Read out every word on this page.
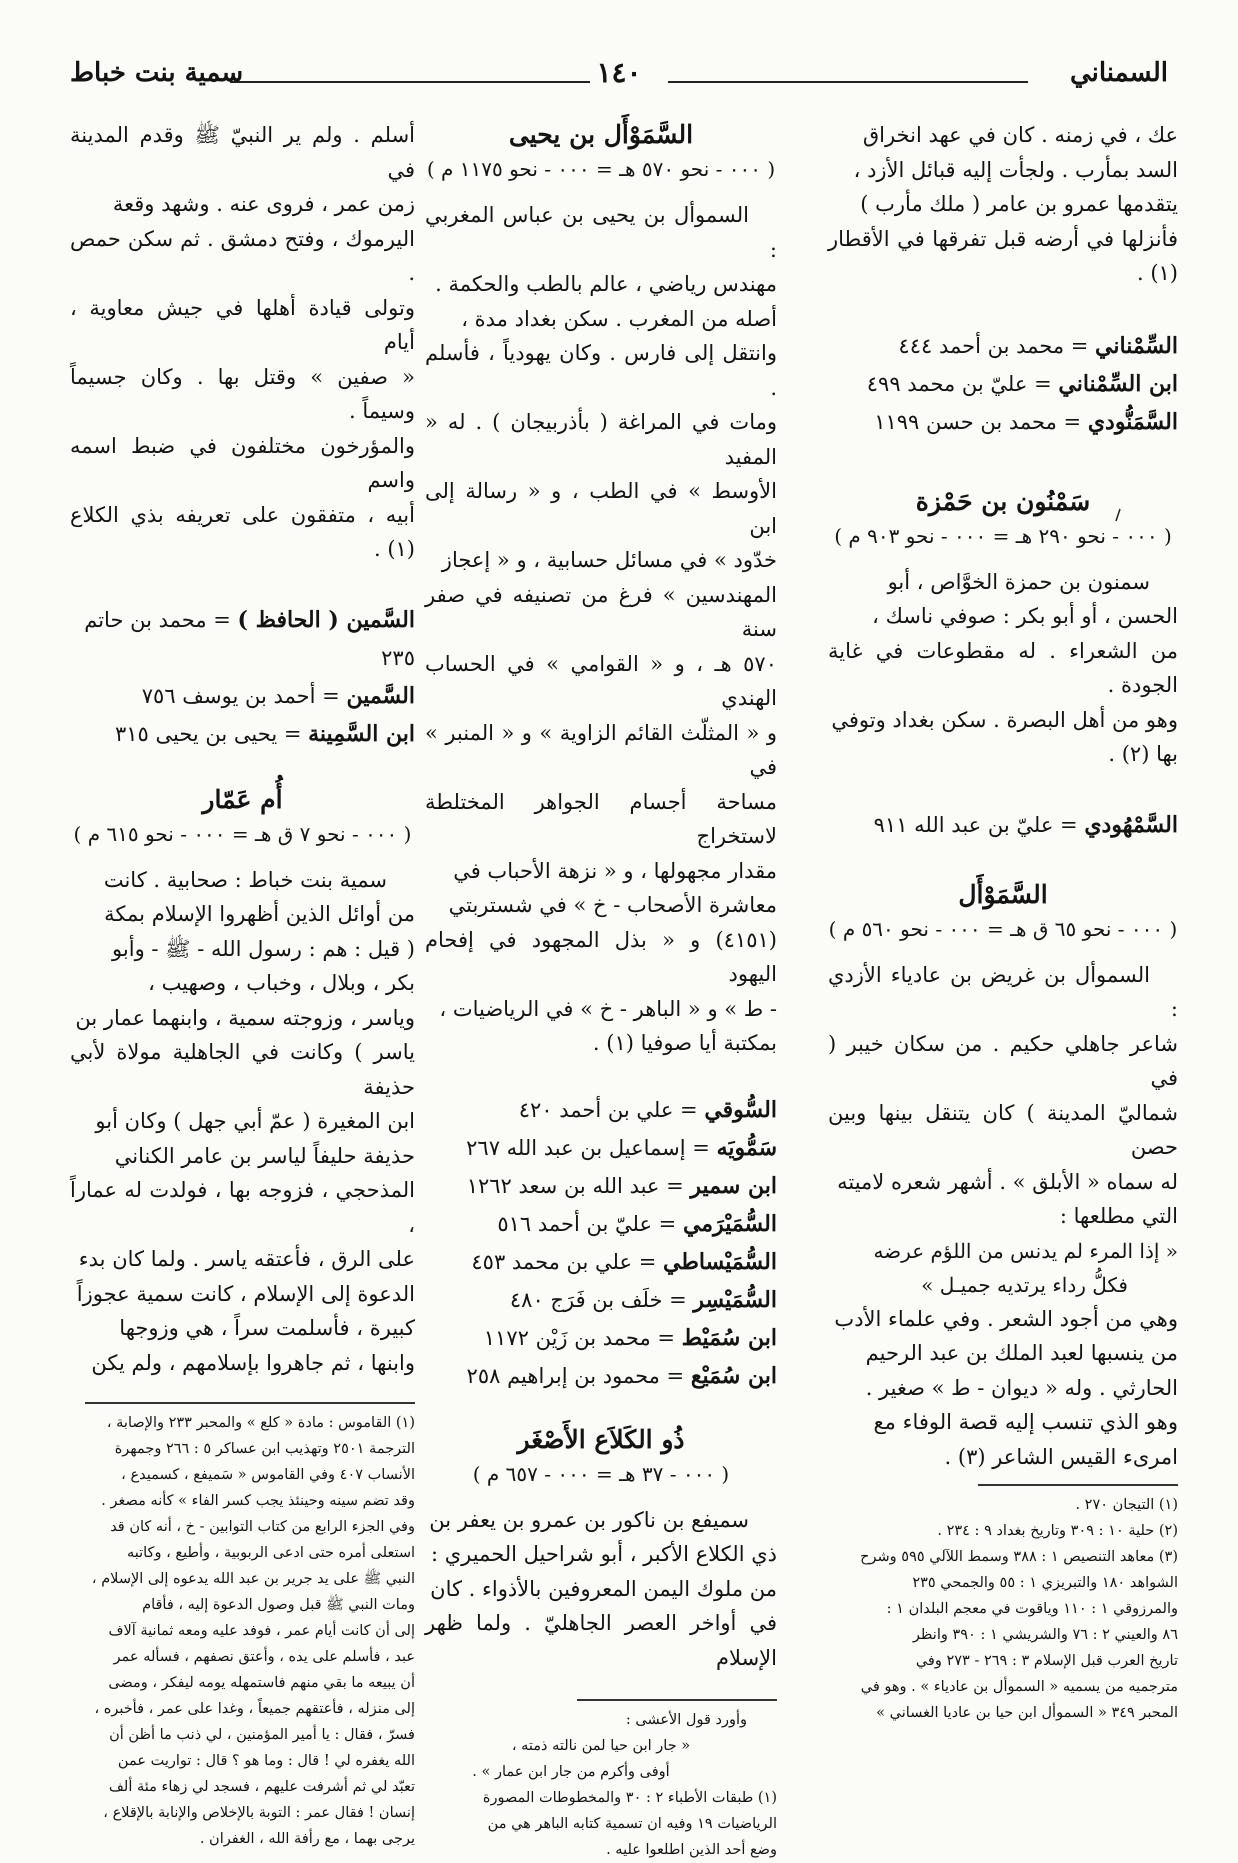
السمناني
١٤٠
سمية بنت خباط

عك ، في زمنه . كان في عهد انخراق

السد بمأرب . ولجأت إليه قبائل الأزد ،

يتقدمها عمرو بن عامر ( ملك مأرب )

فأنزلها في أرضه قبل تفرقها في الأقطار (١) .

السِّمْناني = محمد بن أحمد ٤٤٤

ابن السِّمْناني = عليّ بن محمد ٤٩٩

السَّمَنُّودي = محمد بن حسن ١١٩٩

سَمْنُون بن حَمْزة

( ٠٠٠ - نحو ٢٩٠ هـ = ٠٠٠ - نحو ٩٠٣ م )

سمنون بن حمزة الخوَّاص ، أبو

الحسن ، أو أبو بكر : صوفي ناسك ،

من الشعراء . له مقطوعات في غاية الجودة .

وهو من أهل البصرة . سكن بغداد وتوفي

بها (٢) .

السَّمْهُودي = عليّ بن عبد الله ٩١١

السَّمَوْأَل

( ٠٠٠ - نحو ٦٥ ق هـ = ٠٠٠ - نحو ٥٦٠ م )

السموأل بن غريض بن عادياء الأزدي :

شاعر جاهلي حكيم . من سكان خيبر ( في

شماليّ المدينة ) كان يتنقل بينها وبين حصن

له سماه « الأبلق » . أشهر شعره لاميته

التي مطلعها :

« إذا المرء لم يدنس من اللؤم عرضه

فكلُّ رداء يرتديه جميـل »

وهي من أجود الشعر . وفي علماء الأدب

من ينسبها لعبد الملك بن عبد الرحيم

الحارثي . وله « ديوان - ط » صغير .

وهو الذي تنسب إليه قصة الوفاء مع

امرىء القيس الشاعر (٣) .

(١) التيجان ٢٧٠ .

(٢) حلية ١٠ : ٣٠٩ وتاريخ بغداد ٩ : ٢٣٤ .

(٣) معاهد التنصيص ١ : ٣٨٨ وسمط اللآلي ٥٩٥ وشرح

الشواهد ١٨٠ والتبريزي ١ : ٥٥ والجمحي ٢٣٥

والمرزوقي ١ : ١١٠ وياقوت في معجم البلدان ١ :

٨٦ والعيني ٢ : ٧٦ والشريشي ١ : ٣٩٠ وانظر

تاريخ العرب قبل الإسلام ٣ : ٢٦٩ - ٢٧٣ وفي

مترجميه من يسميه « السموأل بن عادياء » . وهو في

المحبر ٣٤٩ « السموأل ابن حيا بن عاديا الغساني »

السَّمَوْأَل بن يحيى

( ٠٠٠ - نحو ٥٧٠ هـ = ٠٠٠ - نحو ١١٧٥ م )

السموأل بن يحيى بن عباس المغربي :

مهندس رياضي ، عالم بالطب والحكمة .

أصله من المغرب . سكن بغداد مدة ،

وانتقل إلى فارس . وكان يهودياً ، فأسلم .

ومات في المراغة ( بأذربيجان ) . له « المفيد

الأوسط » في الطب ، و « رسالة إلى ابن

خدّود » في مسائل حسابية ، و « إعجاز

المهندسين » فرغ من تصنيفه في صفر سنة

٥٧٠ هـ ، و « القوامي » في الحساب الهندي

و « المثلّث القائم الزاوية » و « المنبر » في

مساحة أجسام الجواهر المختلطة لاستخراج

مقدار مجهولها ، و « نزهة الأحباب في

معاشرة الأصحاب - خ » في شستربتي

(٤١٥١) و « بذل المجهود في إفحام اليهود

- ط » و « الباهر - خ » في الرياضيات ،

بمكتبة أيا صوفيا (١) .

السُّوقي = علي بن أحمد ٤٢٠

سَمُّويَه = إسماعيل بن عبد الله ٢٦٧

ابن سمير = عبد الله بن سعد ١٢٦٢

السُّمَيْرَمي = عليّ بن أحمد ٥١٦

السُّمَيْساطي = علي بن محمد ٤٥٣

السُّمَيْسِر = خلَف بن فَرَج ٤٨٠

ابن سُمَيْط = محمد بن زَيْن ١١٧٢

ابن سُمَيْع = محمود بن إبراهيم ٢٥٨

ذُو الكَلاَع الأَصْغَر

( ٠٠٠ - ٣٧ هـ = ٠٠٠ - ٦٥٧ م )

سميفع بن ناكور بن عمرو بن يعفر بن

ذي الكلاع الأكبر ، أبو شراحيل الحميري :

من ملوك اليمن المعروفين بالأذواء . كان

في أواخر العصر الجاهليّ . ولما ظهر الإسلام

وأورد قول الأعشى :

« جار ابن حيا لمن نالته ذمته ،

أوفى وأكرم من جار ابن عمار » .

(١) طبقات الأطباء ٢ : ٣٠ والمخطوطات المصورة

الرياضيات ١٩ وفيه ان تسمية كتابه الباهر هي من

وضع أحد الذين اطلعوا عليه .

أسلم . ولم ير النبيّ ﷺ وقدم المدينة في

زمن عمر ، فروى عنه . وشهد وقعة

اليرموك ، وفتح دمشق . ثم سكن حمص .

وتولى قيادة أهلها في جيش معاوية ، أيام

« صفين » وقتل بها . وكان جسيماً وسيماً .

والمؤرخون مختلفون في ضبط اسمه واسم

أبيه ، متفقون على تعريفه بذي الكلاع (١) .

السَّمين ( الحافظ ) = محمد بن حاتم ٢٣٥

السَّمين = أحمد بن يوسف ٧٥٦

ابن السَّمِينة = يحيى بن يحيى ٣١٥

أُم عَمّار

( ٠٠٠ - نحو ٧ ق هـ = ٠٠٠ - نحو ٦١٥ م )

سمية بنت خباط : صحابية . كانت

من أوائل الذين أظهروا الإسلام بمكة

( قيل : هم : رسول الله - ﷺ - وأبو

بكر ، وبلال ، وخباب ، وصهيب ،

وياسر ، وزوجته سمية ، وابنهما عمار بن

ياسر ) وكانت في الجاهلية مولاة لأبي حذيفة

ابن المغيرة ( عمّ أبي جهل ) وكان أبو

حذيفة حليفاً لياسر بن عامر الكناني

المذحجي ، فزوجه بها ، فولدت له عماراً ،

على الرق ، فأعتقه ياسر . ولما كان بدء

الدعوة إلى الإسلام ، كانت سمية عجوزاً

كبيرة ، فأسلمت سراً ، هي وزوجها

وابنها ، ثم جاهروا بإسلامهم ، ولم يكن

(١) القاموس : مادة « كلع » والمحبر ٢٣٣ والإصابة ،

الترجمة ٢٥٠١ وتهذيب ابن عساكر ٥ : ٢٦٦ وجمهرة

الأنساب ٤٠٧ وفي القاموس « سَميفع ، كسميدع ،

وقد تضم سينه وحينئذ يجب كسر الفاء » كأنه مصغر .

وفي الجزء الرابع من كتاب التوابين - خ ، أنه كان قد

استعلى أمره حتى ادعى الربوبية ، وأطيع ، وكاتبه

النبي ﷺ على يد جرير بن عبد الله يدعوه إلى الإسلام ،

ومات النبي ﷺ قبل وصول الدعوة إليه ، فأقام

إلى أن كانت أيام عمر ، فوفد عليه ومعه ثمانية آلاف

عبد ، فأسلم على يده ، وأعتق نصفهم ، فسأله عمر

أن يبيعه ما بقي منهم فاستمهله يومه ليفكر ، ومضى

إلى منزله ، فأعتقهم جميعاً ، وغدا على عمر ، فأخبره ،

فسرّ ، فقال : يا أمير المؤمنين ، لي ذنب ما أظن أن

الله يغفره لي ! قال : وما هو ؟ قال : تواريت عمن

تعبّد لي ثم أشرفت عليهم ، فسجد لي زهاء مئة ألف

إنسان ! فقال عمر : التوبة بالإخلاص والإنابة بالإقلاع ،

يرجى بهما ، مع رأفة الله ، الغفران .
